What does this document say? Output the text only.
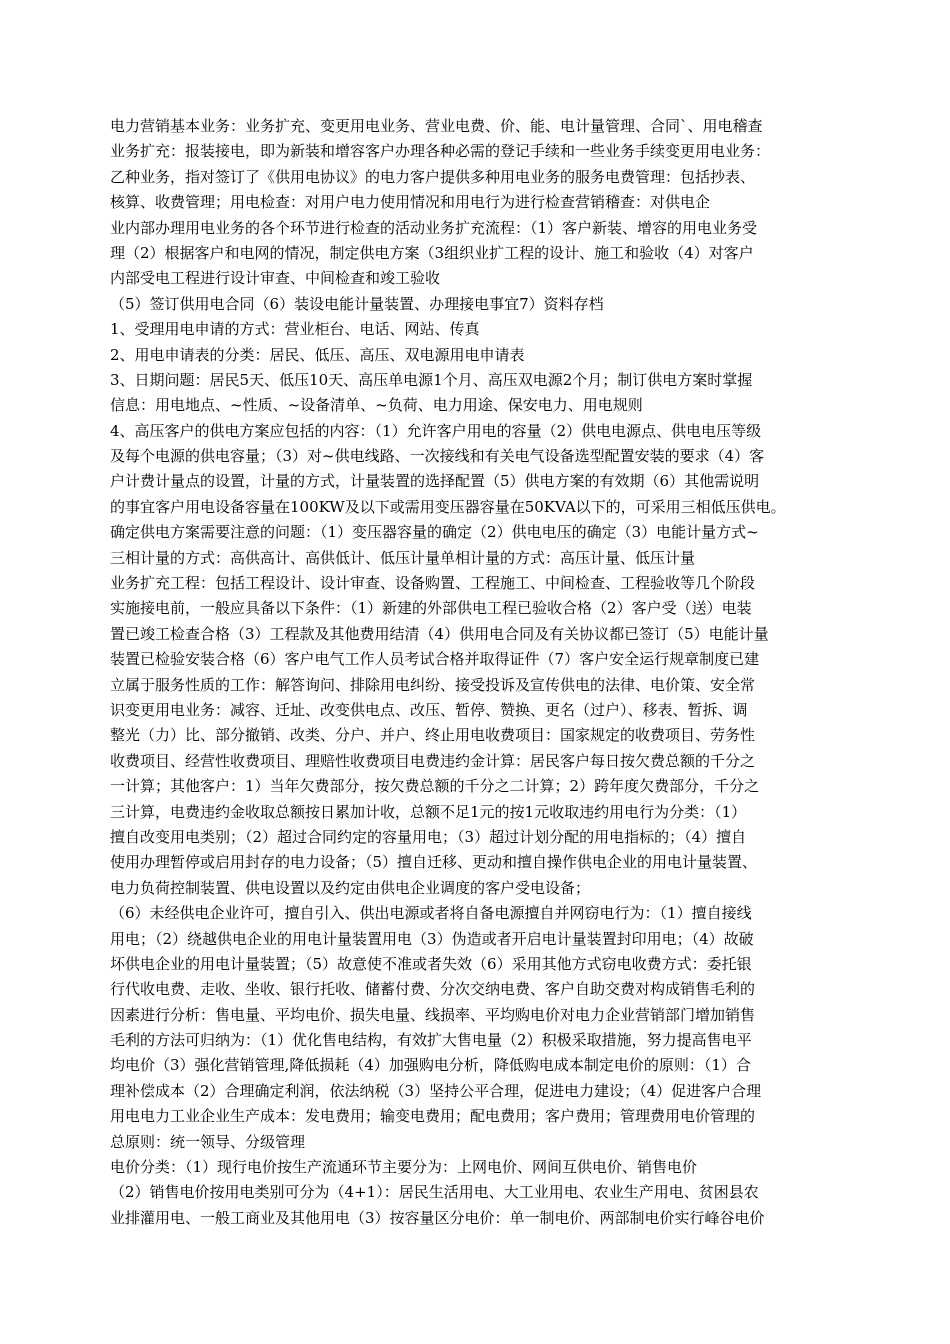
电力营销基本业务：业务扩充、变更用电业务、营业电费、价、能、电计量管理、合同`、用电稽查
业务扩充：报装接电，即为新装和增容客户办理各种必需的登记手续和一些业务手续变更用电业务：
乙种业务，指对签订了《供用电协议》的电力客户提供多种用电业务的服务电费管理：包括抄表、
核算、收费管理；用电检查：对用户电力使用情况和用电行为进行检查营销稽查：对供电企
业内部办理用电业务的各个环节进行检查的活动业务扩充流程：（1）客户新装、增容的用电业务受
理（2）根据客户和电网的情况，制定供电方案（3组织业扩工程的设计、施工和验收（4）对客户
内部受电工程进行设计审查、中间检查和竣工验收
（5）签订供用电合同（6）装设电能计量装置、办理接电事宜7）资料存档
1、受理用电申请的方式：营业柜台、电话、网站、传真
2、用电申请表的分类：居民、低压、高压、双电源用电申请表
3、日期问题：居民5天、低压10天、高压单电源1个月、高压双电源2个月；制订供电方案时掌握
信息：用电地点、~性质、~设备清单、~负荷、电力用途、保安电力、用电规则
4、高压客户的供电方案应包括的内容：（1）允许客户用电的容量（2）供电电源点、供电电压等级
及每个电源的供电容量；（3）对~供电线路、一次接线和有关电气设备选型配置安装的要求（4）客
户计费计量点的设置，计量的方式，计量装置的选择配置（5）供电方案的有效期（6）其他需说明
的事宜客户用电设备容量在100KW及以下或需用变压器容量在50KVA以下的，可采用三相低压供电。
确定供电方案需要注意的问题：（1）变压器容量的确定（2）供电电压的确定（3）电能计量方式~
三相计量的方式：高供高计、高供低计、低压计量单相计量的方式：高压计量、低压计量
业务扩充工程：包括工程设计、设计审查、设备购置、工程施工、中间检查、工程验收等几个阶段
实施接电前，一般应具备以下条件：（1）新建的外部供电工程已验收合格（2）客户受（送）电装
置已竣工检查合格（3）工程款及其他费用结清（4）供用电合同及有关协议都已签订（5）电能计量
装置已检验安装合格（6）客户电气工作人员考试合格并取得证件（7）客户安全运行规章制度已建
立属于服务性质的工作：解答询问、排除用电纠纷、接受投诉及宣传供电的法律、电价策、安全常
识变更用电业务：减容、迁址、改变供电点、改压、暂停、赞换、更名（过户）、移表、暂拆、调
整光（力）比、部分撤销、改类、分户、并户、终止用电收费项目：国家规定的收费项目、劳务性
收费项目、经营性收费项目、理赔性收费项目电费违约金计算：居民客户每日按欠费总额的千分之
一计算；其他客户：1）当年欠费部分，按欠费总额的千分之二计算；2）跨年度欠费部分，千分之
三计算，电费违约金收取总额按日累加计收，总额不足1元的按1元收取违约用电行为分类：（1）
擅自改变用电类别；（2）超过合同约定的容量用电；（3）超过计划分配的用电指标的；（4）擅自
使用办理暂停或启用封存的电力设备；（5）擅自迁移、更动和擅自操作供电企业的用电计量装置、
电力负荷控制装置、供电设置以及约定由供电企业调度的客户受电设备；
（6）未经供电企业许可，擅自引入、供出电源或者将自备电源擅自并网窃电行为：（1）擅自接线
用电；（2）绕越供电企业的用电计量装置用电（3）伪造或者开启电计量装置封印用电；（4）故破
坏供电企业的用电计量装置；（5）故意使不准或者失效（6）采用其他方式窃电收费方式：委托银
行代收电费、走收、坐收、银行托收、储蓄付费、分次交纳电费、客户自助交费对构成销售毛利的
因素进行分析：售电量、平均电价、损失电量、线损率、平均购电价对电力企业营销部门增加销售
毛利的方法可归纳为：（1）优化售电结构，有效扩大售电量（2）积极采取措施，努力提高售电平
均电价（3）强化营销管理,降低损耗（4）加强购电分析，降低购电成本制定电价的原则：（1）合
理补偿成本（2）合理确定利润，依法纳税（3）坚持公平合理，促进电力建设；（4）促进客户合理
用电电力工业企业生产成本：发电费用；输变电费用；配电费用；客户费用；管理费用电价管理的
总原则：统一领导、分级管理
电价分类：（1）现行电价按生产流通环节主要分为：上网电价、网间互供电价、销售电价
（2）销售电价按用电类别可分为（4+1）：居民生活用电、大工业用电、农业生产用电、贫困县农
业排灌用电、一般工商业及其他用电（3）按容量区分电价：单一制电价、两部制电价实行峰谷电价
